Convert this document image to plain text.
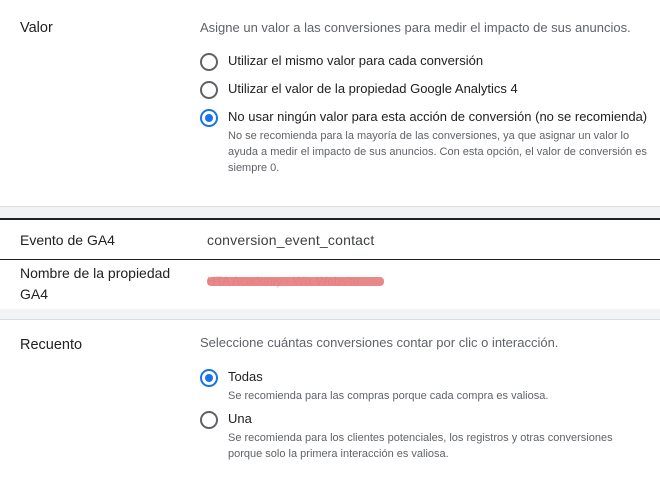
Valor	Asigne un valor a las conversiones para medir el impacto de sus anuncios.
Utilizar el mismo valor para cada conversión
Utilizar el valor de la propiedad Google Analytics 4
No usar ningún valor para esta acción de conversión (no se recomienda)
No se recomienda para la mayoría de las conversiones, ya que asignar un valor lo ayuda a medir el impacto de sus anuncios. Con esta opción, el valor de conversión es siempre 0.
Evento de GA4	conversion_event_contact
Nombre de la propiedad GA4
Recuento	Seleccione cuántas conversiones contar por clic o interacción.
Todas
Se recomienda para las compras porque cada compra es valiosa.
Una
Se recomienda para los clientes potenciales, los registros y otras conversiones porque solo la primera interacción es valiosa.
